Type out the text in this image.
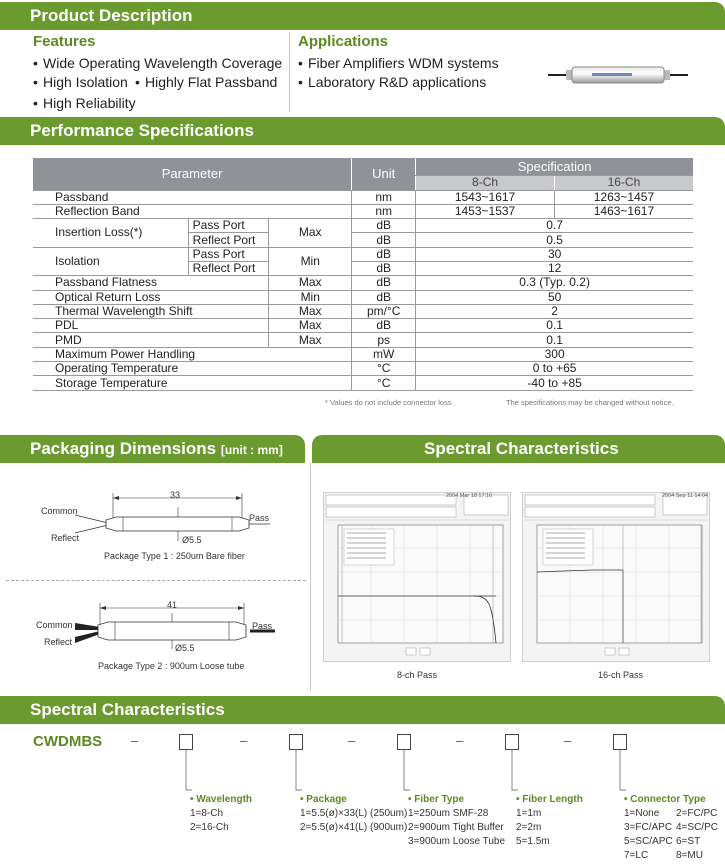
Product Description
Features
• Wide Operating Wavelength Coverage
• High Isolation • Highly Flat Passband
• High Reliability
Applications
• Fiber Amplifiers WDM systems
• Laboratory R&D applications
Performance Specifications
Parameter			Unit	Specification	
				8-Ch	16-Ch
Passband			nm	1543~1617	1263~1457
Reflection Band			nm	1453~1537	1463~1617
Insertion Loss(*)	Pass Port	Max	dB	0.7	
	Reflect Port		dB	0.5	
Isolation	Pass Port	Min	dB	30	
	Reflect Port		dB	12	
Passband Flatness		Max	dB	0.3 (Typ. 0.2)	
Optical Return Loss		Min	dB	50	
Thermal Wavelength Shift		Max	pm/°C	2	
PDL		Max	dB	0.1	
PMD		Max	ps	0.1	
Maximum Power Handling			mW	300	
Operating Temperature			°C	0 to +65	
Storage Temperature			°C	-40 to +85	
* Values do not include connector loss	The specifications may be changed without notice.
Packaging Dimensions [unit : mm]	Spectral Characteristics
Common
Reflect
Pass
33
Ø5.5
Package Type 1 : 250um Bare fiber
Common
Reflect
Pass
41
Ø5.5
Package Type 2 : 900um Loose tube
2004 Mar 18 17:16
8-ch Pass
2004 Sep 11 14:04
16-ch Pass
Spectral Characteristics
CWDMBS –	–	–	–	–
• Wavelength
1=8-Ch
2=16-Ch
• Package
1=5.5(ø)×33(L) (250um)
2=5.5(ø)×41(L) (900um)
• Fiber Type
1=250um SMF-28
2=900um Tight Buffer
3=900um Loose Tube
• Fiber Length
1=1m
2=2m
5=1.5m
• Connector Type
1=None
3=FC/APC
5=SC/APC
7=LC
2=FC/PC
4=SC/PC
6=ST
8=MU
